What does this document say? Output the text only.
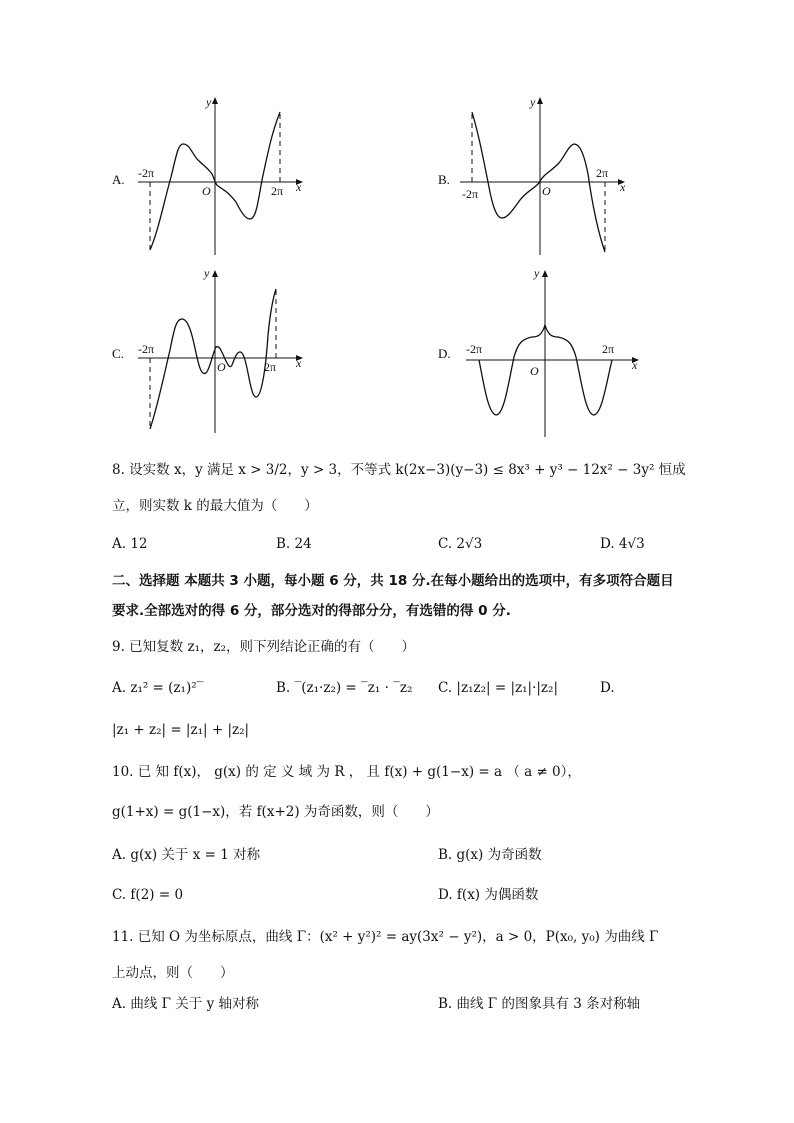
A.
y
x
O
-2π
2π
B.
y
x
O
-2π
2π
C.
y
x
O
-2π
2π
D.
y
x
O
-2π	2π
8. 设实数 x，y 满足 x > 3/2，y > 3，不等式 k(2x−3)(y−3) ≤ 8x³ + y³ − 12x² − 3y² 恒成
立，则实数 k 的最大值为（　　）
A. 12	B. 24	C. 2√3	D. 4√3
二、选择题 本题共 3 小题，每小题 6 分，共 18 分.在每小题给出的选项中，有多项符合题目
要求.全部选对的得 6 分，部分选对的得部分分，有选错的得 0 分.
9. 已知复数 z₁，z₂，则下列结论正确的有（　　）
A. z₁² = (z₁)²‾	B. ‾(z₁·z₂) = ‾z₁ · ‾z₂ C. |z₁z₂| = |z₁|·|z₂|	D.
|z₁ + z₂| = |z₁| + |z₂|
10. 已 知 f(x)， g(x) 的 定 义 域 为 R ， 且 f(x) + g(1−x) = a （ a ≠ 0），
g(1+x) = g(1−x)，若 f(x+2) 为奇函数，则（　　）
A. g(x) 关于 x = 1 对称	B. g(x) 为奇函数
C. f(2) = 0	D. f(x) 为偶函数
11. 已知 O 为坐标原点，曲线 Γ：(x² + y²)² = ay(3x² − y²)，a > 0，P(x₀, y₀) 为曲线 Γ
上动点，则（　　）
A. 曲线 Γ 关于 y 轴对称	B. 曲线 Γ 的图象具有 3 条对称轴
